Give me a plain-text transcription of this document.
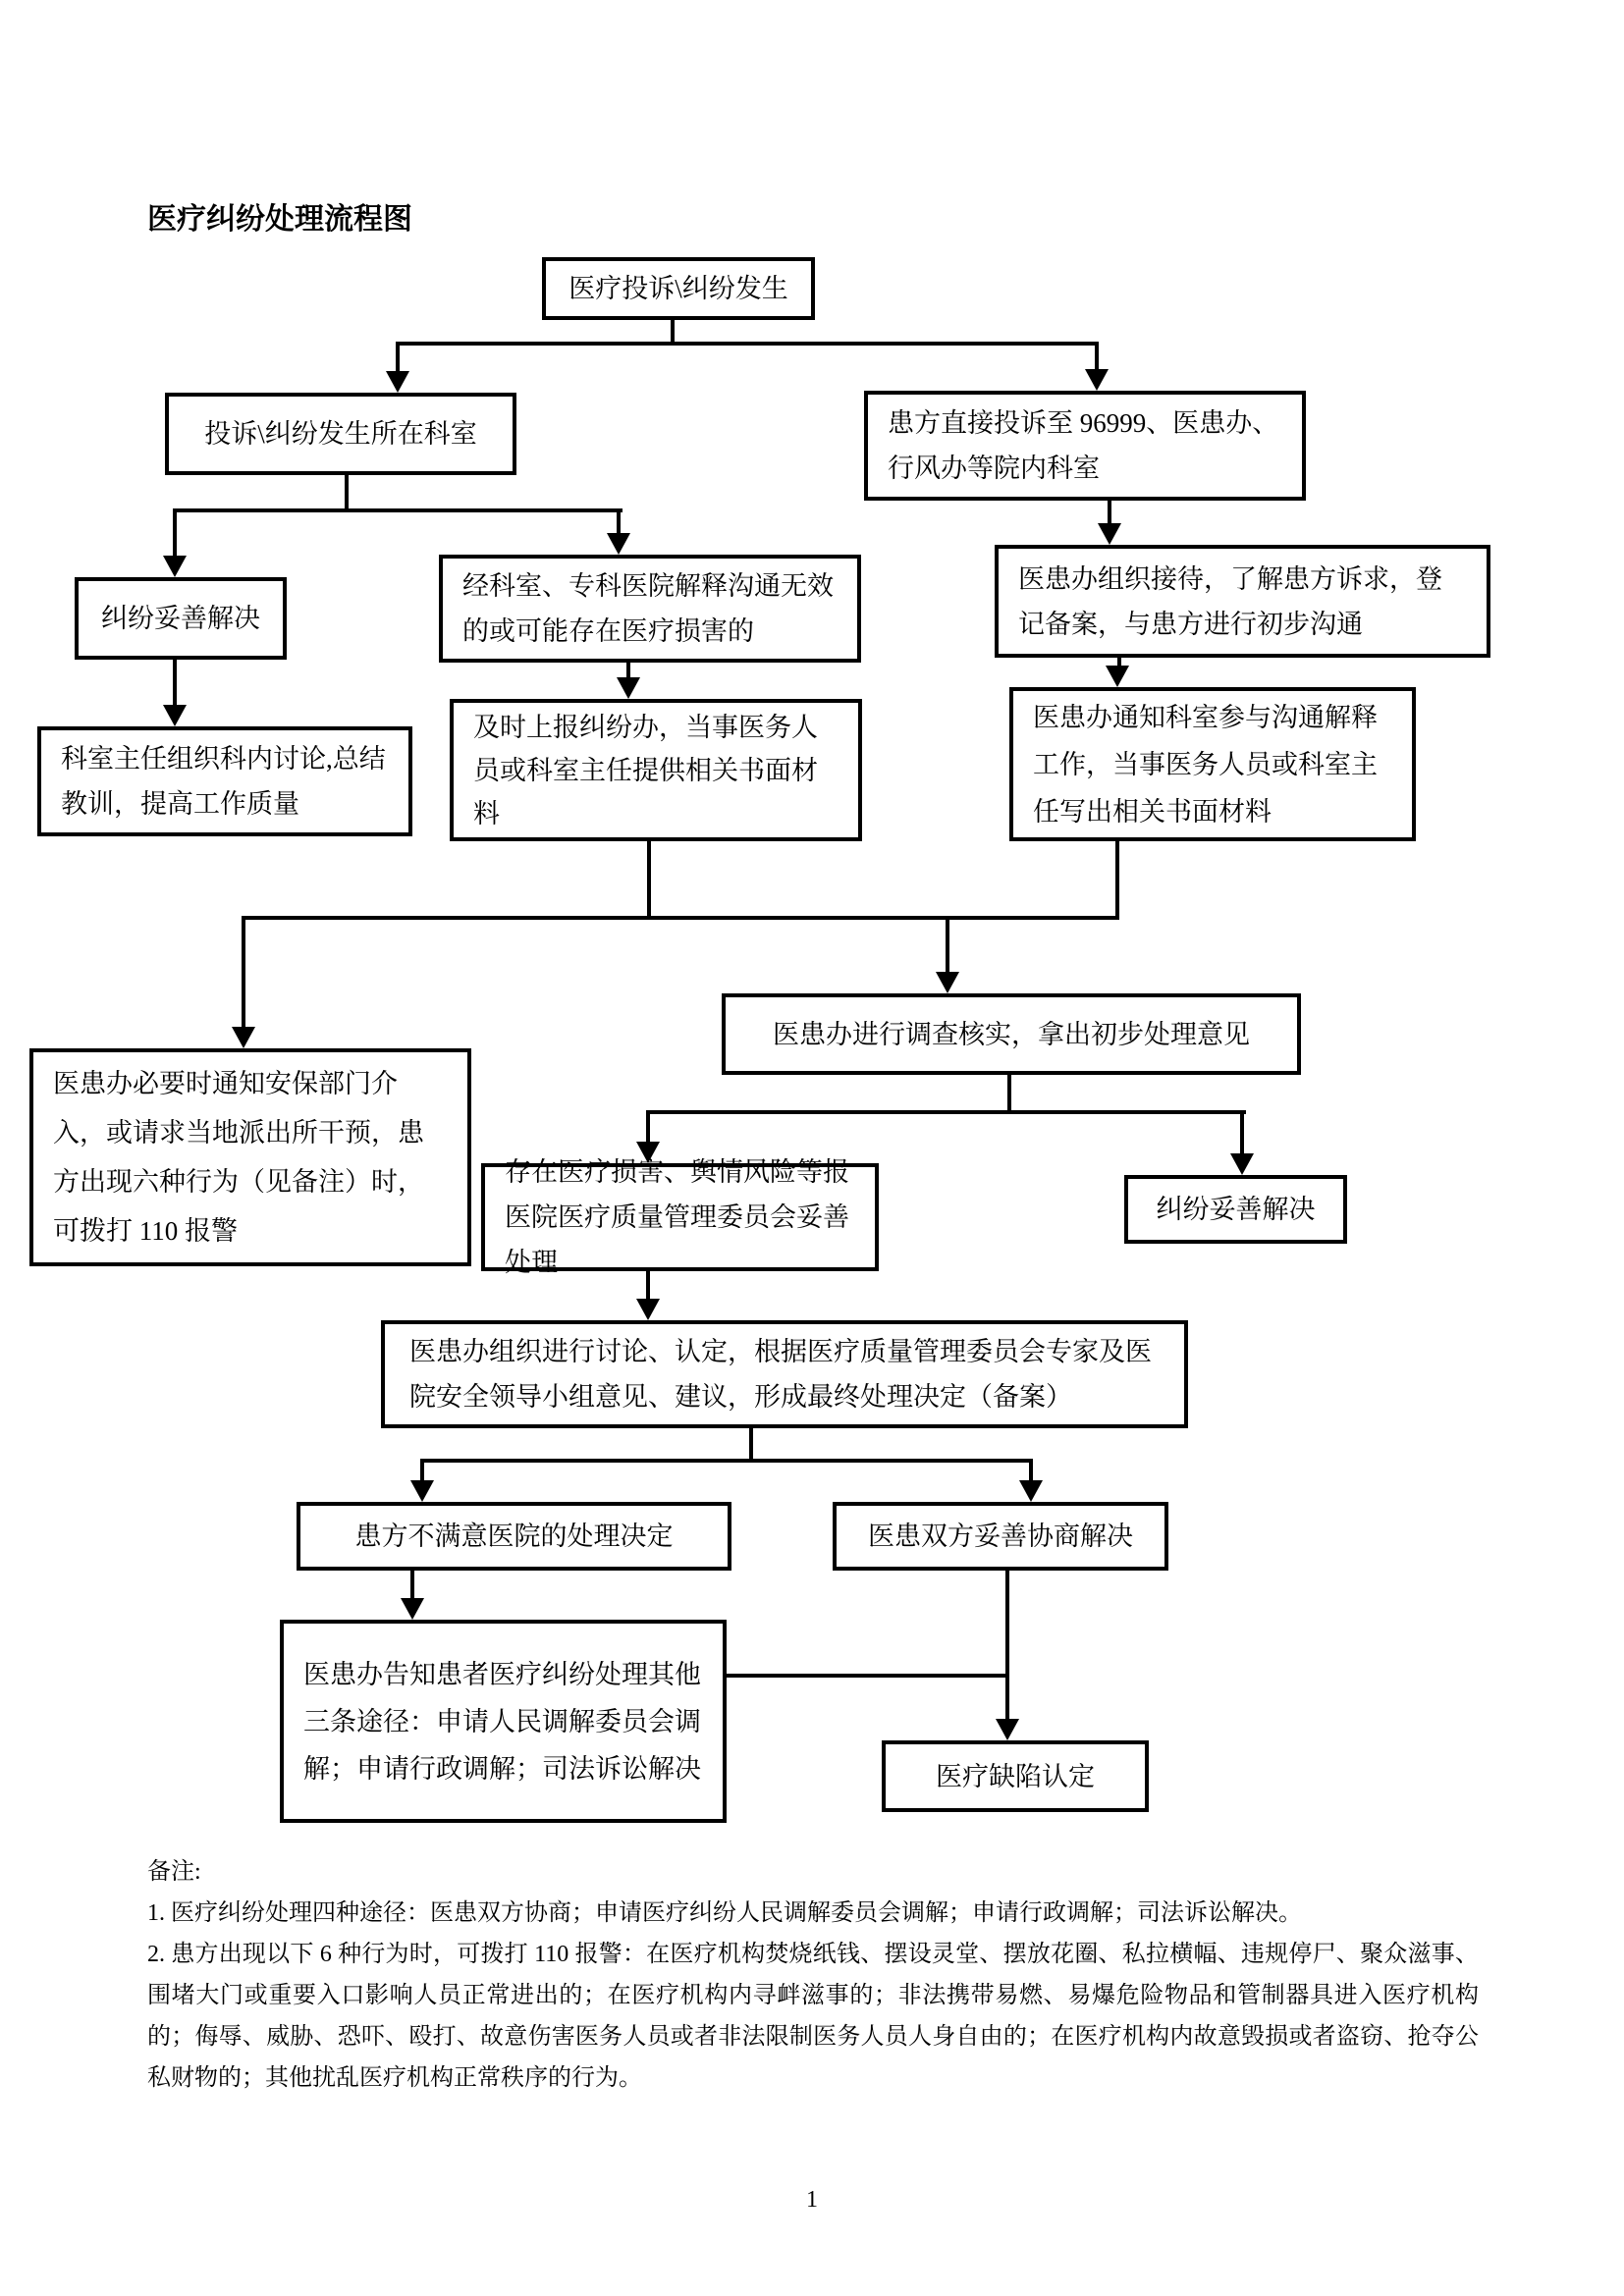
医疗纠纷处理流程图
医疗投诉\纠纷发生
投诉\纠纷发生所在科室	患方直接投诉至 96999、医患办、行风办等院内科室
纠纷妥善解决
经科室、专科医院解释沟通无效的或可能存在医疗损害的
医患办组织接待，了解患方诉求，登记备案，与患方进行初步沟通
科室主任组织科内讨论,总结教训，提高工作质量
及时上报纠纷办，当事医务人员或科室主任提供相关书面材料
医患办通知科室参与沟通解释工作，当事医务人员或科室主任写出相关书面材料
医患办进行调查核实，拿出初步处理意见
医患办必要时通知安保部门介入，或请求当地派出所干预，患方出现六种行为（见备注）时，可拨打 110 报警
存在医疗损害、舆情风险等报医院医疗质量管理委员会妥善处理
纠纷妥善解决
医患办组织进行讨论、认定，根据医疗质量管理委员会专家及医院安全领导小组意见、建议，形成最终处理决定（备案）
患方不满意医院的处理决定	医患双方妥善协商解决
医患办告知患者医疗纠纷处理其他三条途径：申请人民调解委员会调解；申请行政调解；司法诉讼解决	医疗缺陷认定
备注:
1. 医疗纠纷处理四种途径：医患双方协商；申请医疗纠纷人民调解委员会调解；申请行政调解；司法诉讼解决。
2. 患方出现以下 6 种行为时，可拨打 110 报警：在医疗机构焚烧纸钱、摆设灵堂、摆放花圈、私拉横幅、违规停尸、聚众滋事、围堵大门或重要入口影响人员正常进出的；在医疗机构内寻衅滋事的；非法携带易燃、易爆危险物品和管制器具进入医疗机构的；侮辱、威胁、恐吓、殴打、故意伤害医务人员或者非法限制医务人员人身自由的；在医疗机构内故意毁损或者盗窃、抢夺公私财物的；其他扰乱医疗机构正常秩序的行为。
1
